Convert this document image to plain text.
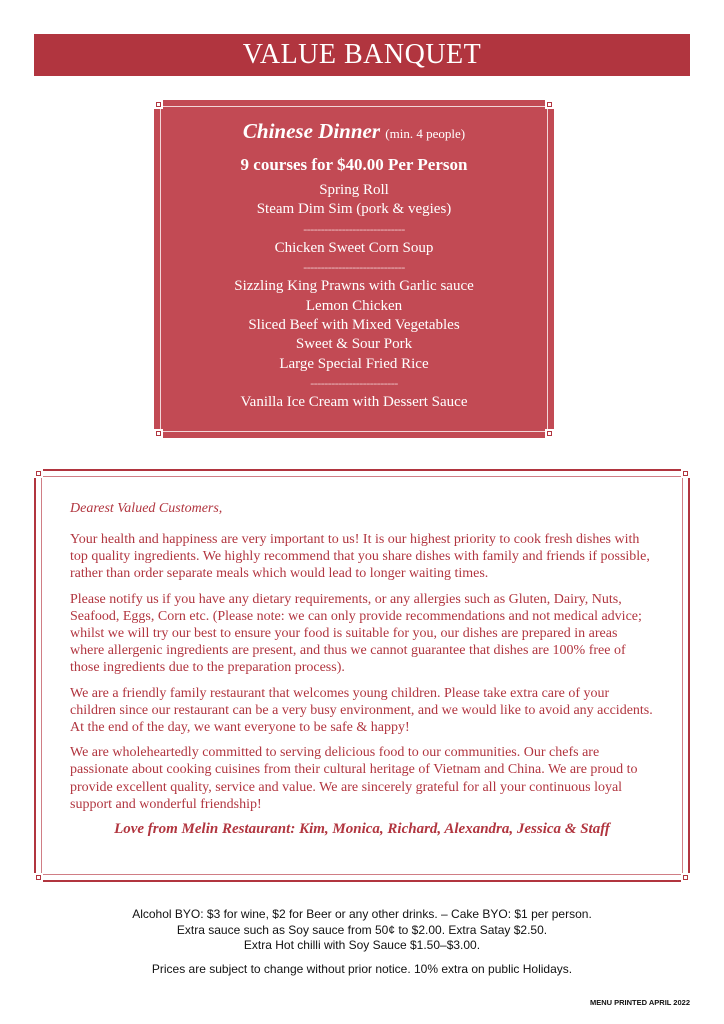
VALUE BANQUET
Chinese Dinner (min. 4 people)
9 courses for $40.00 Per Person
Spring Roll
Steam Dim Sim (pork & vegies)
-----------------------------
Chicken Sweet Corn Soup
-----------------------------
Sizzling King Prawns with Garlic sauce
Lemon Chicken
Sliced Beef with Mixed Vegetables
Sweet & Sour Pork
Large Special Fried Rice
-------------------------
Vanilla Ice Cream with Dessert Sauce
Dearest Valued Customers,

Your health and happiness are very important to us! It is our highest priority to cook fresh dishes with top quality ingredients. We highly recommend that you share dishes with family and friends if possible, rather than order separate meals which would lead to longer waiting times.

Please notify us if you have any dietary requirements, or any allergies such as Gluten, Dairy, Nuts, Seafood, Eggs, Corn etc. (Please note: we can only provide recommendations and not medical advice; whilst we will try our best to ensure your food is suitable for you, our dishes are prepared in areas where allergenic ingredients are present, and thus we cannot guarantee that dishes are 100% free of those ingredients due to the preparation process).

We are a friendly family restaurant that welcomes young children. Please take extra care of your children since our restaurant can be a very busy environment, and we would like to avoid any accidents. At the end of the day, we want everyone to be safe & happy!

We are wholeheartedly committed to serving delicious food to our communities. Our chefs are passionate about cooking cuisines from their cultural heritage of Vietnam and China. We are proud to provide excellent quality, service and value. We are sincerely grateful for all your continuous loyal support and wonderful friendship!

Love from Melin Restaurant: Kim, Monica, Richard, Alexandra, Jessica & Staff
Alcohol BYO: $3 for wine, $2 for Beer or any other drinks. – Cake BYO: $1 per person.
Extra sauce such as Soy sauce from 50¢ to $2.00. Extra Satay $2.50.
Extra Hot chilli with Soy Sauce $1.50–$3.00.
Prices are subject to change without prior notice. 10% extra on public Holidays.
MENU PRINTED APRIL 2022
